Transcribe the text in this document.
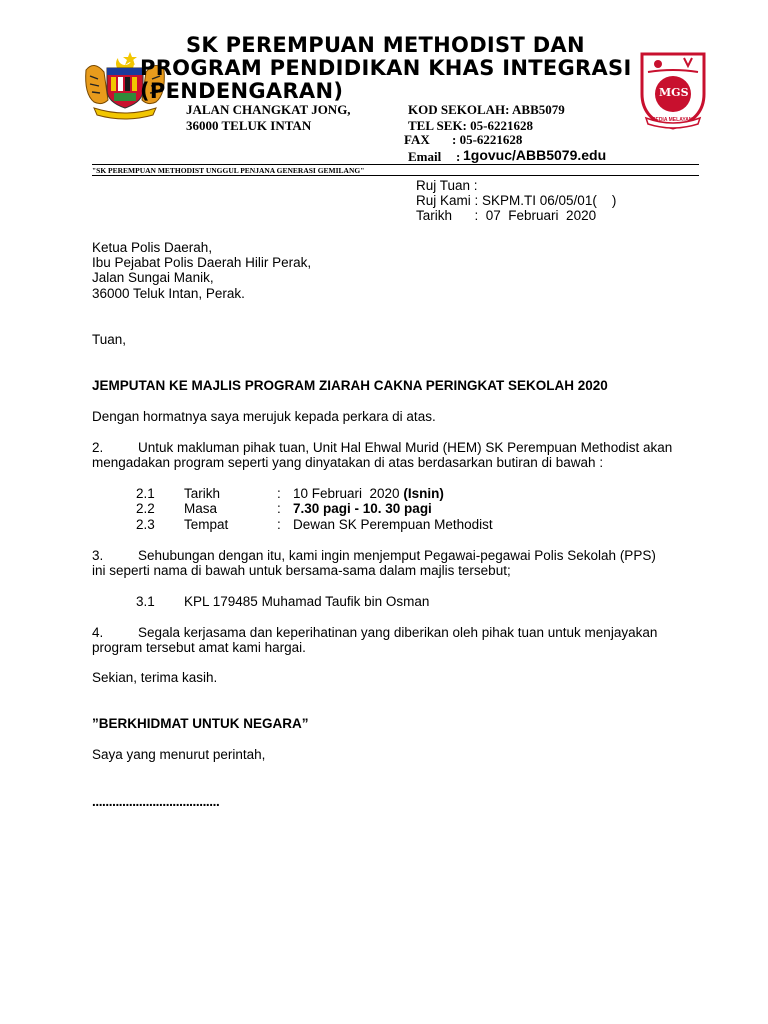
SK PEREMPUAN METHODIST DAN
PROGRAM PENDIDIKAN KHAS INTEGRASI
(PENDENGARAN)
JALAN CHANGKAT JONG,
36000 TELUK INTAN
KOD SEKOLAH: ABB5079
TEL SEK: 05-6221628
FAX : 05-6221628
Email : 1govuc/ABB5079.edu
MGS
SEDIA MELAYANI
"SK PEREMPUAN METHODIST UNGGUL PENJANA GENERASI GEMILANG"
Ruj Tuan :
Ruj Kami : SKPM.TI 06/05/01(    )
Tarikh      :  07  Februari  2020
Ketua Polis Daerah,
Ibu Pejabat Polis Daerah Hilir Perak,
Jalan Sungai Manik,
36000 Teluk Intan, Perak.
Tuan,
JEMPUTAN KE MAJLIS PROGRAM ZIARAH CAKNA PERINGKAT SEKOLAH 2020
Dengan hormatnya saya merujuk kepada perkara di atas.
2.	Untuk makluman pihak tuan, Unit Hal Ehwal Murid (HEM) SK Perempuan Methodist akan
mengadakan program seperti yang dinyatakan di atas berdasarkan butiran di bawah :
2.1 Tarikh	: 10 Februari  2020 (Isnin)
2.2 Masa	: 7.30 pagi - 10. 30 pagi
2.3 Tempat	: Dewan SK Perempuan Methodist
3.	Sehubungan dengan itu, kami ingin menjemput Pegawai-pegawai Polis Sekolah (PPS)
ini seperti nama di bawah untuk bersama-sama dalam majlis tersebut;
3.1 KPL 179485 Muhamad Taufik bin Osman
4.	Segala kerjasama dan keperihatinan yang diberikan oleh pihak tuan untuk menjayakan
program tersebut amat kami hargai.
Sekian, terima kasih.
”BERKHIDMAT UNTUK NEGARA”
Saya yang menurut perintah,
......................................
